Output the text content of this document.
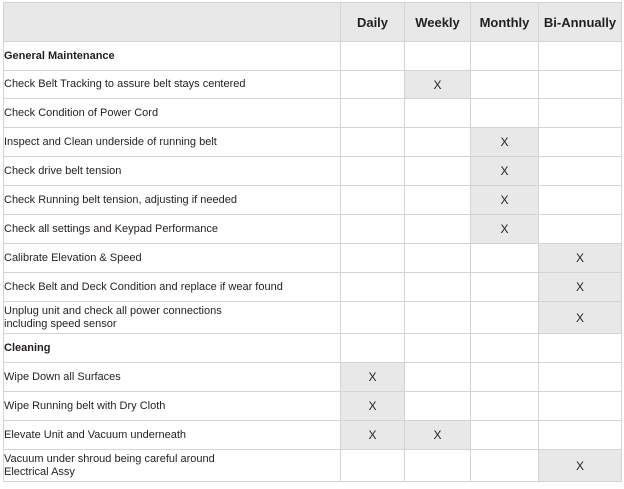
	Daily	Weekly	Monthly	Bi-Annually
General Maintenance				
Check Belt Tracking to assure belt stays centered		X		
Check Condition of Power Cord				
Inspect and Clean underside of running belt			X	
Check drive belt tension			X	
Check Running belt tension, adjusting if needed			X	
Check all settings and Keypad Performance			X	
Calibrate Elevation & Speed				X
Check Belt and Deck Condition and replace if wear found				X
Unplug unit and check all power connections
including speed sensor				X
Cleaning				
Wipe Down all Surfaces	X			
Wipe Running belt with Dry Cloth	X			
Elevate Unit and Vacuum underneath	X	X		
Vacuum under shroud being careful around
Electrical Assy				X
